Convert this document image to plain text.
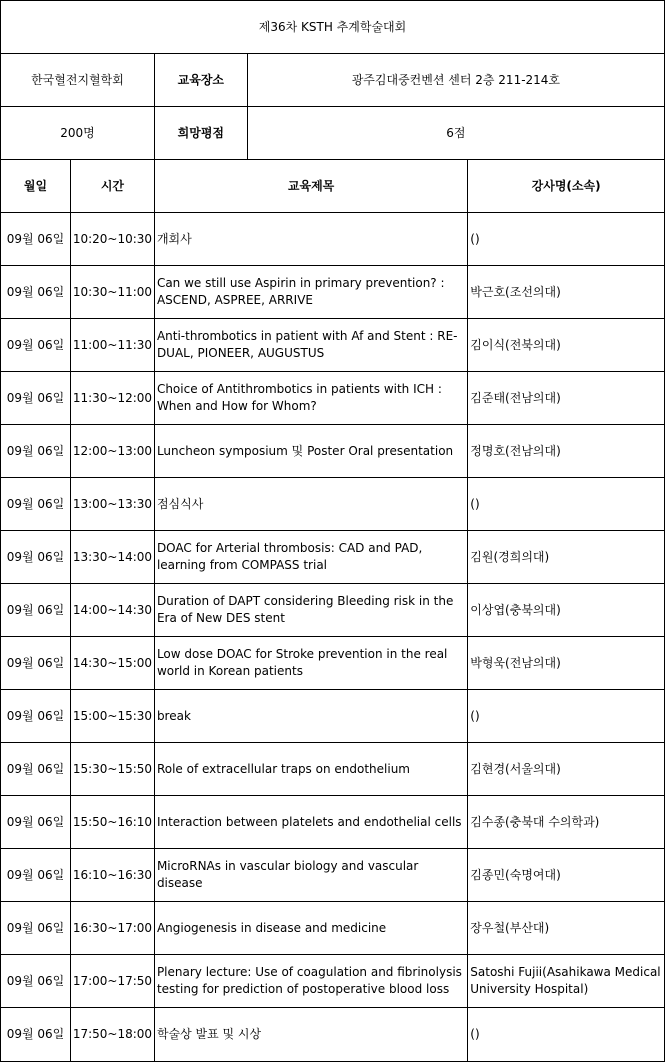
제36차 KSTH 추계학술대회				
한국혈전지혈학회		교육장소	광주김대중컨벤션 센터 2층 211-214호	
200명		희망평점	6점	
월일	시간	교육제목		강사명(소속)
09월 06일	10:20~10:30	개회사		()
09월 06일	10:30~11:00	Can we still use Aspirin in primary prevention? : ASCEND, ASPREE, ARRIVE		박근호(조선의대)
09월 06일	11:00~11:30	Anti-thrombotics in patient with Af and Stent : RE-DUAL, PIONEER, AUGUSTUS		김이식(전북의대)
09월 06일	11:30~12:00	Choice of Antithrombotics in patients with ICH : When and How for Whom?		김준태(전남의대)
09월 06일	12:00~13:00	Luncheon symposium 및 Poster Oral presentation		정명호(전남의대)
09월 06일	13:00~13:30	점심식사		()
09월 06일	13:30~14:00	DOAC for Arterial thrombosis: CAD and PAD, learning from COMPASS trial		김원(경희의대)
09월 06일	14:00~14:30	Duration of DAPT considering Bleeding risk in the Era of New DES stent		이상엽(충북의대)
09월 06일	14:30~15:00	Low dose DOAC for Stroke prevention in the real world in Korean patients		박형욱(전남의대)
09월 06일	15:00~15:30	break		()
09월 06일	15:30~15:50	Role of extracellular traps on endothelium		김현경(서울의대)
09월 06일	15:50~16:10	Interaction between platelets and endothelial cells		김수종(충북대 수의학과)
09월 06일	16:10~16:30	MicroRNAs in vascular biology and vascular disease		김종민(숙명여대)
09월 06일	16:30~17:00	Angiogenesis in disease and medicine		장우철(부산대)
09월 06일	17:00~17:50	Plenary lecture: Use of coagulation and fibrinolysis testing for prediction of postoperative blood loss		Satoshi Fujii(Asahikawa Medical University Hospital)
09월 06일	17:50~18:00	학술상 발표 및 시상		()
